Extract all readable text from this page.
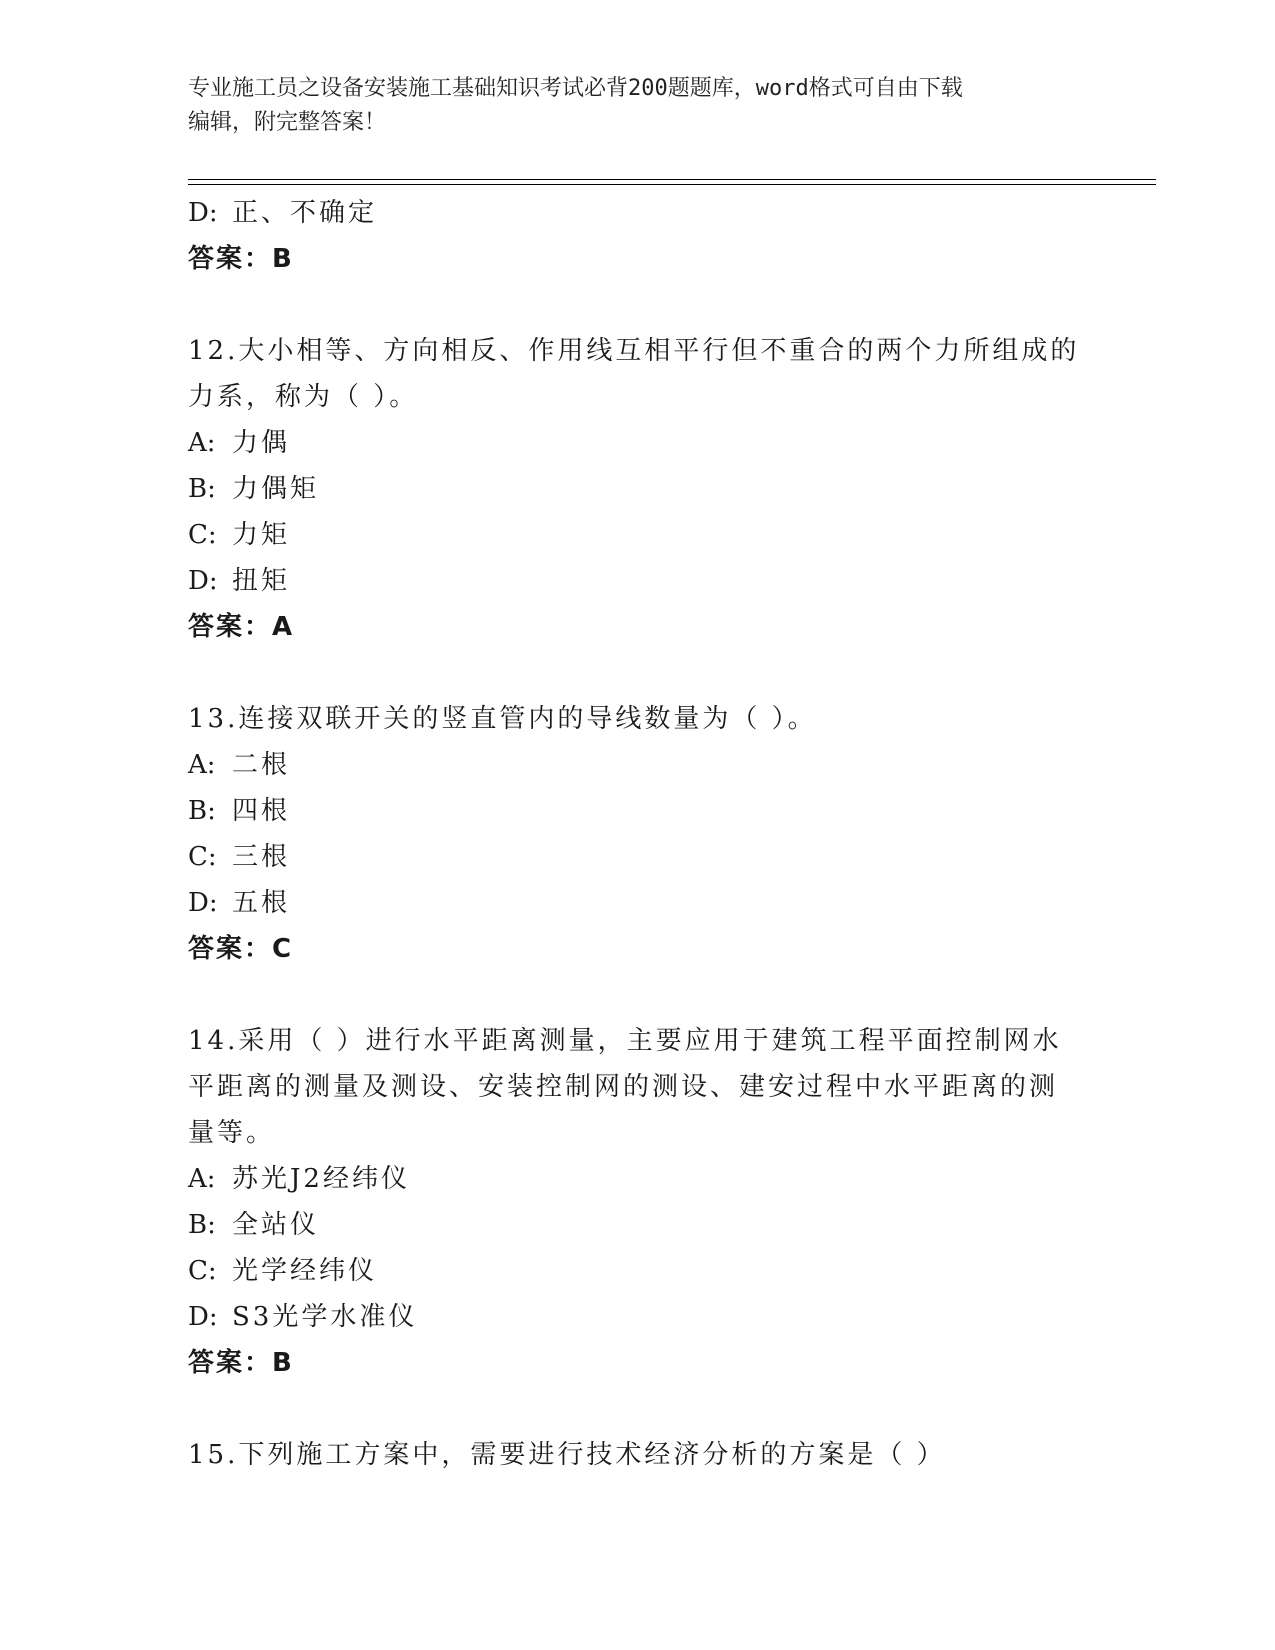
专业施工员之设备安装施工基础知识考试必背200题题库，word格式可自由下载
编辑，附完整答案！

D: 正、不确定

答案：B

12.大小相等、方向相反、作用线互相平行但不重合的两个力所组成的

力系，称为（ ）。

A: 力偶

B: 力偶矩

C: 力矩

D: 扭矩

答案：A

13.连接双联开关的竖直管内的导线数量为（ ）。

A: 二根

B: 四根

C: 三根

D: 五根

答案：C

14.采用（ ）进行水平距离测量，主要应用于建筑工程平面控制网水

平距离的测量及测设、安装控制网的测设、建安过程中水平距离的测

量等。

A: 苏光J2经纬仪

B: 全站仪

C: 光学经纬仪

D: S3光学水准仪

答案：B

15.下列施工方案中，需要进行技术经济分析的方案是（ ）
